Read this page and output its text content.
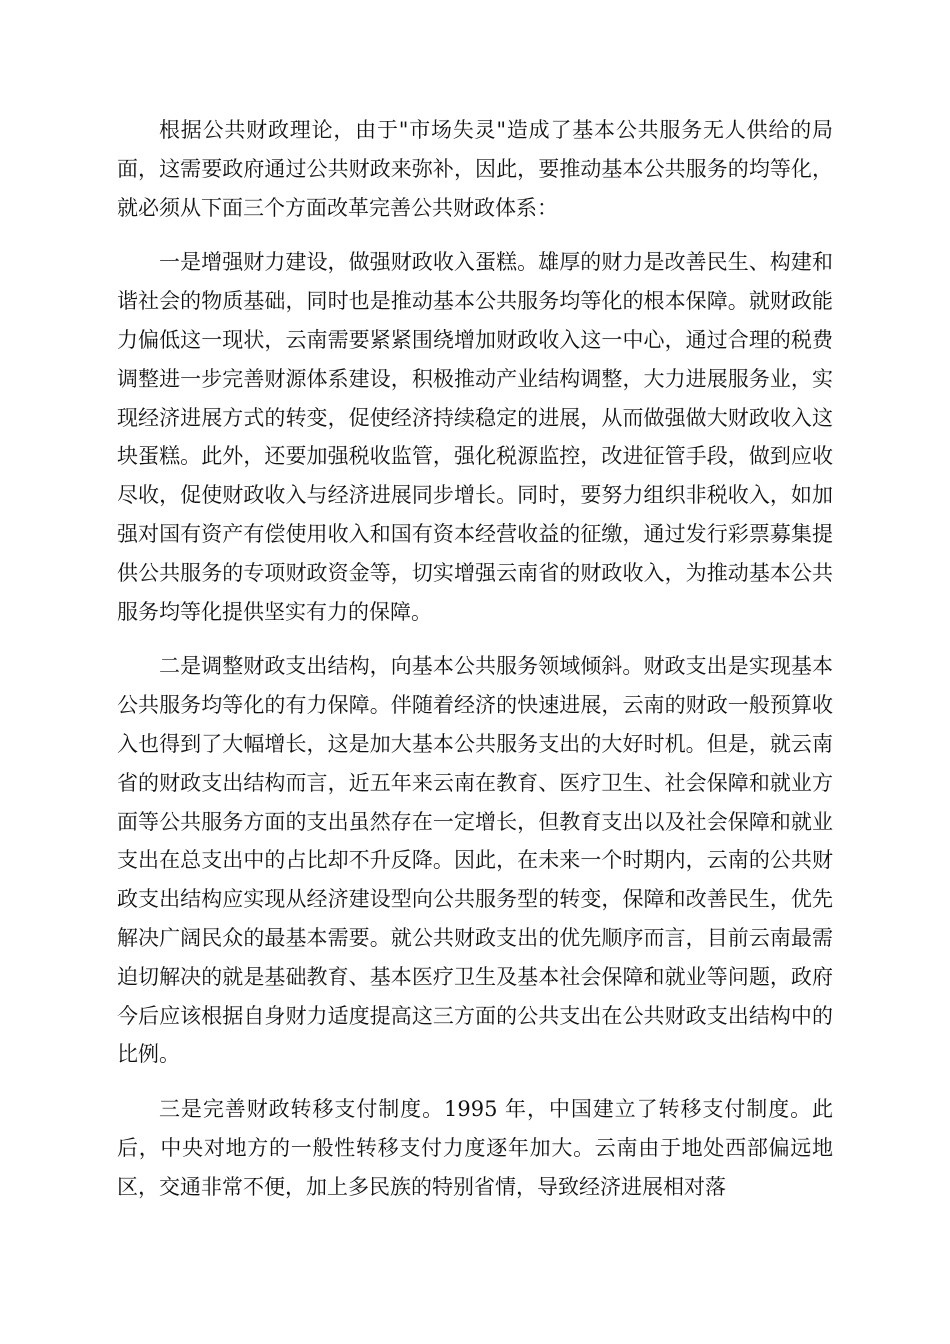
根据公共财政理论，由于"市场失灵"造成了基本公共服务无人供给的局面，这需要政府通过公共财政来弥补，因此，要推动基本公共服务的均等化，就必须从下面三个方面改革完善公共财政体系：

一是增强财力建设，做强财政收入蛋糕。雄厚的财力是改善民生、构建和谐社会的物质基础，同时也是推动基本公共服务均等化的根本保障。就财政能力偏低这一现状，云南需要紧紧围绕增加财政收入这一中心，通过合理的税费调整进一步完善财源体系建设，积极推动产业结构调整，大力进展服务业，实现经济进展方式的转变，促使经济持续稳定的进展，从而做强做大财政收入这块蛋糕。此外，还要加强税收监管，强化税源监控，改进征管手段，做到应收尽收，促使财政收入与经济进展同步增长。同时，要努力组织非税收入，如加强对国有资产有偿使用收入和国有资本经营收益的征缴，通过发行彩票募集提供公共服务的专项财政资金等，切实增强云南省的财政收入，为推动基本公共服务均等化提供坚实有力的保障。

二是调整财政支出结构，向基本公共服务领域倾斜。财政支出是实现基本公共服务均等化的有力保障。伴随着经济的快速进展，云南的财政一般预算收入也得到了大幅增长，这是加大基本公共服务支出的大好时机。但是，就云南省的财政支出结构而言，近五年来云南在教育、医疗卫生、社会保障和就业方面等公共服务方面的支出虽然存在一定增长，但教育支出以及社会保障和就业支出在总支出中的占比却不升反降。因此，在未来一个时期内，云南的公共财政支出结构应实现从经济建设型向公共服务型的转变，保障和改善民生，优先解决广阔民众的最基本需要。就公共财政支出的优先顺序而言，目前云南最需迫切解决的就是基础教育、基本医疗卫生及基本社会保障和就业等问题，政府今后应该根据自身财力适度提高这三方面的公共支出在公共财政支出结构中的比例。

三是完善财政转移支付制度。1995 年，中国建立了转移支付制度。此后，中央对地方的一般性转移支付力度逐年加大。云南由于地处西部偏远地区，交通非常不便，加上多民族的特别省情，导致经济进展相对落
